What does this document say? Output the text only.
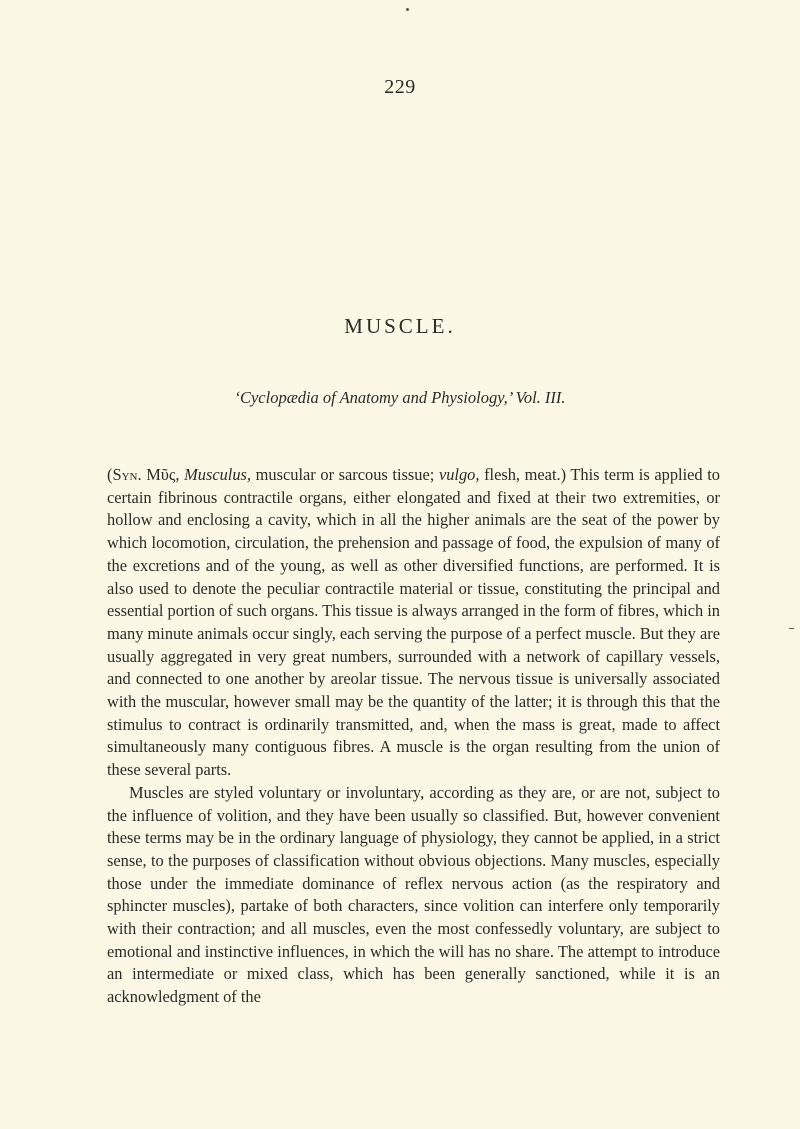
229
MUSCLE.
‘Cyclopædia of Anatomy and Physiology,’ Vol. III.

(Syn. Μῦς, Musculus, muscular or sarcous tissue; vulgo, flesh, meat.) This term is applied to certain fibrinous contractile organs, either elongated and fixed at their two extremities, or hollow and enclosing a cavity, which in all the higher animals are the seat of the power by which locomotion, circulation, the prehension and passage of food, the expulsion of many of the excretions and of the young, as well as other diversified functions, are performed. It is also used to denote the peculiar contractile material or tissue, constituting the principal and essential portion of such organs. This tissue is always arranged in the form of fibres, which in many minute animals occur singly, each serving the purpose of a perfect muscle. But they are usually aggregated in very great numbers, surrounded with a network of capillary vessels, and connected to one another by areolar tissue. The nervous tissue is universally associated with the muscular, however small may be the quantity of the latter; it is through this that the stimulus to contract is ordinarily transmitted, and, when the mass is great, made to affect simultaneously many contiguous fibres. A muscle is the organ resulting from the union of these several parts.

Muscles are styled voluntary or involuntary, according as they are, or are not, subject to the influence of volition, and they have been usually so classified. But, however convenient these terms may be in the ordinary language of physiology, they cannot be applied, in a strict sense, to the purposes of classification without obvious objections. Many muscles, especially those under the immediate dominance of reflex nervous action (as the respiratory and sphincter muscles), partake of both characters, since volition can interfere only temporarily with their contraction; and all muscles, even the most confessedly voluntary, are subject to emotional and instinctive influences, in which the will has no share. The attempt to introduce an intermediate or mixed class, which has been generally sanctioned, while it is an acknowledgment of the
